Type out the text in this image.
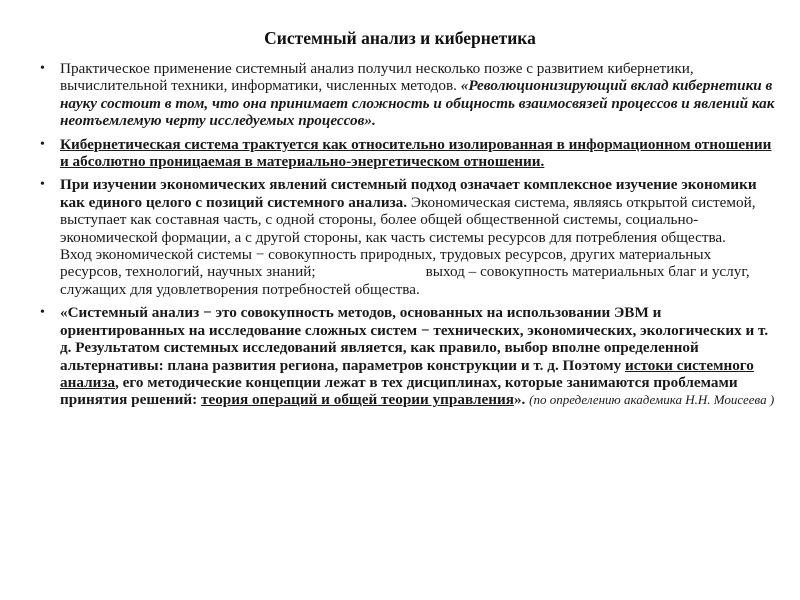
Системный анализ и кибернетика
• Практическое применение системный анализ получил несколько позже с развитием кибернетики, вычислительной техники, информатики, численных методов. «Революционизирующий вклад кибернетики в науку состоит в том, что она принимает сложность и общность взаимосвязей процессов и явлений как неотъемлемую черту исследуемых процессов».
• Кибернетическая система трактуется как относительно изолированная в информационном отношении и абсолютно проницаемая в материально-энергетическом отношении.
• При изучении экономических явлений системный подход означает комплексное изучение экономики как единого целого с позиций системного анализа. Экономическая система, являясь открытой системой, выступает как составная часть, с одной стороны, более общей общественной системы, социально-экономической формации, а с другой стороны, как часть системы ресурсов для потребления общества.
Вход экономической системы − совокупность природных, трудовых ресурсов, других материальных ресурсов, технологий, научных знаний;	выход – совокупность материальных благ и услуг, служащих для удовлетворения потребностей общества.
• «Системный анализ − это совокупность методов, основанных на использовании ЭВМ и ориентированных на исследование сложных систем − технических, экономических, экологических и т. д. Результатом системных исследований является, как правило, выбор вполне определенной альтернативы: плана развития региона, параметров конструкции и т. д. Поэтому истоки системного анализа, его методические концепции лежат в тех дисциплинах, которые занимаются проблемами принятия решений: теория операций и общей теории управления». (по определению академика Н.Н. Моисеева )
